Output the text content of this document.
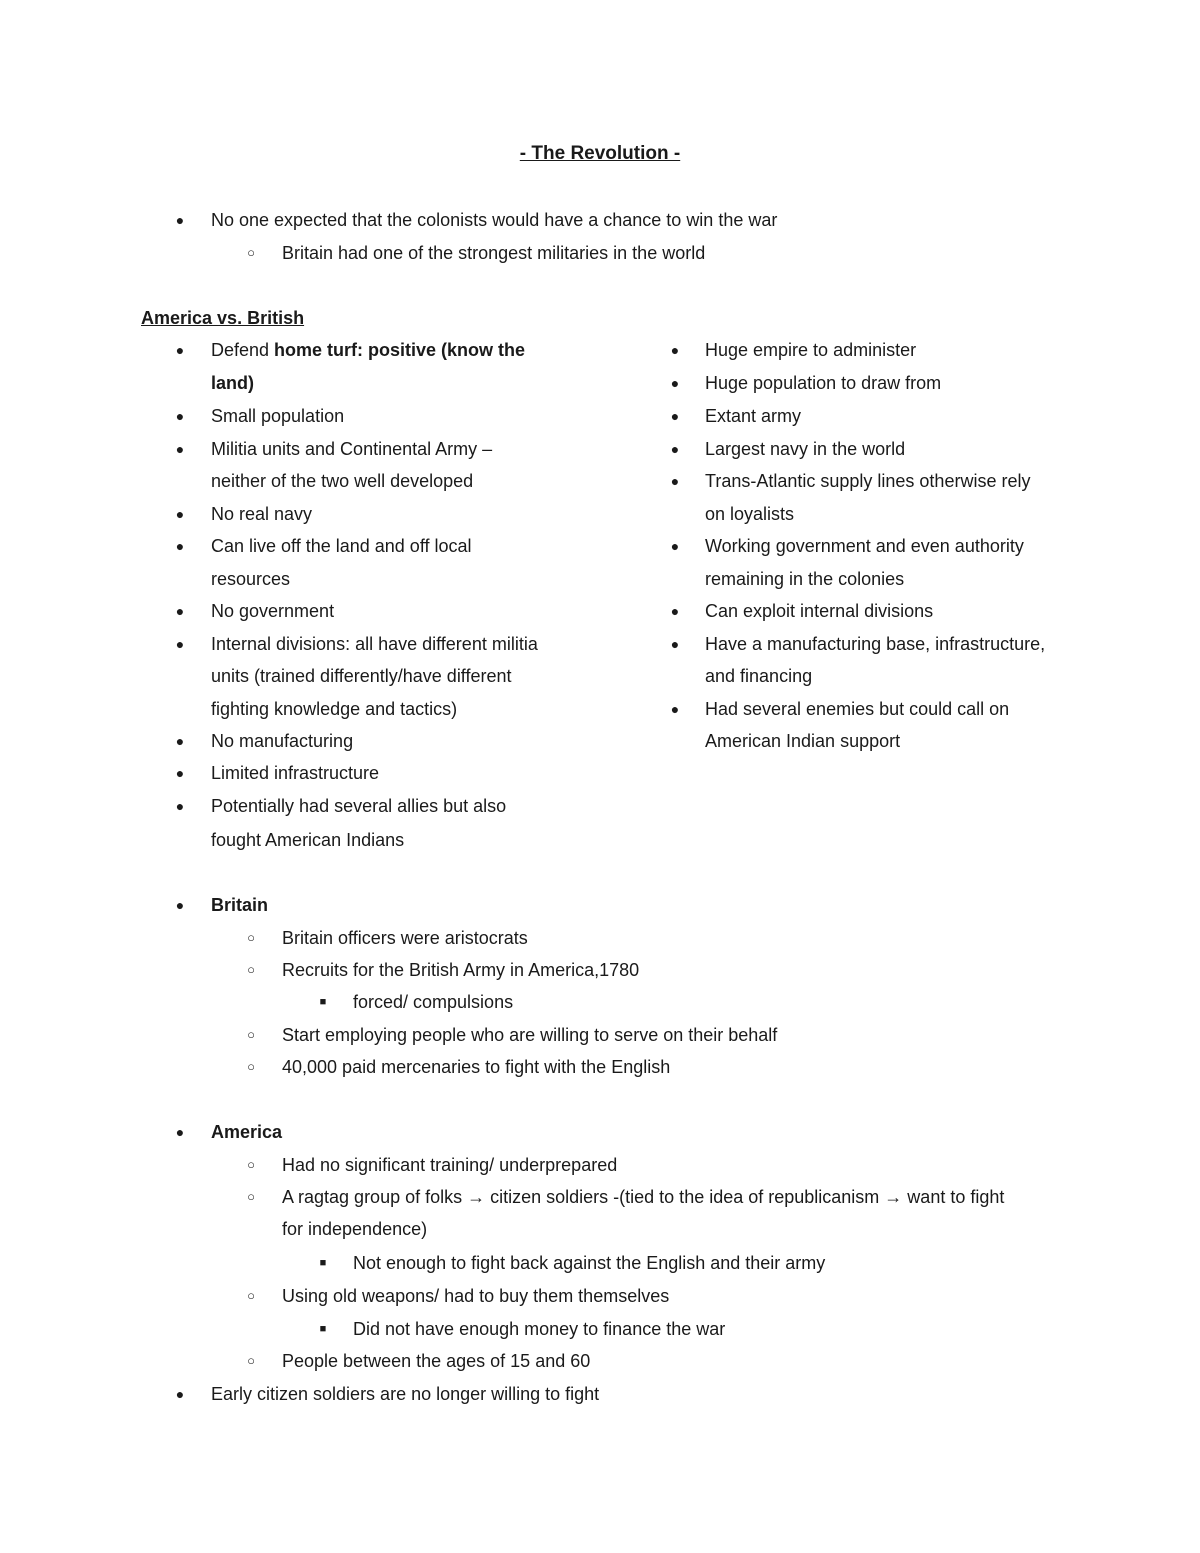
- The Revolution -
●	No one expected that the colonists would have a chance to win the war
○	Britain had one of the strongest militaries in the world
America vs. British
●	Defend home turf: positive (know the
land)
●	Small population
●	Militia units and Continental Army –
neither of the two well developed
●	No real navy
●	Can live off the land and off local
resources
●	No government
●	Internal divisions: all have different militia
units (trained differently/have different
fighting knowledge and tactics)
●	No manufacturing
●	Limited infrastructure
●	Potentially had several allies but also
fought American Indians
●	Huge empire to administer
●	Huge population to draw from
●	Extant army
●	Largest navy in the world
●	Trans-Atlantic supply lines otherwise rely
on loyalists
●	Working government and even authority
remaining in the colonies
●	Can exploit internal divisions
●	Have a manufacturing base, infrastructure,
and financing
●	Had several enemies but could call on
American Indian support
●	Britain
○	Britain officers were aristocrats
○	Recruits for the British Army in America,1780
■	forced/ compulsions
○	Start employing people who are willing to serve on their behalf
○	40,000 paid mercenaries to fight with the English
●	America
○	Had no significant training/ underprepared
○	A ragtag group of folks → citizen soldiers -(tied to the idea of republicanism → want to fight
for independence)
■	Not enough to fight back against the English and their army
○	Using old weapons/ had to buy them themselves
■	Did not have enough money to finance the war
○	People between the ages of 15 and 60
●	Early citizen soldiers are no longer willing to fight
